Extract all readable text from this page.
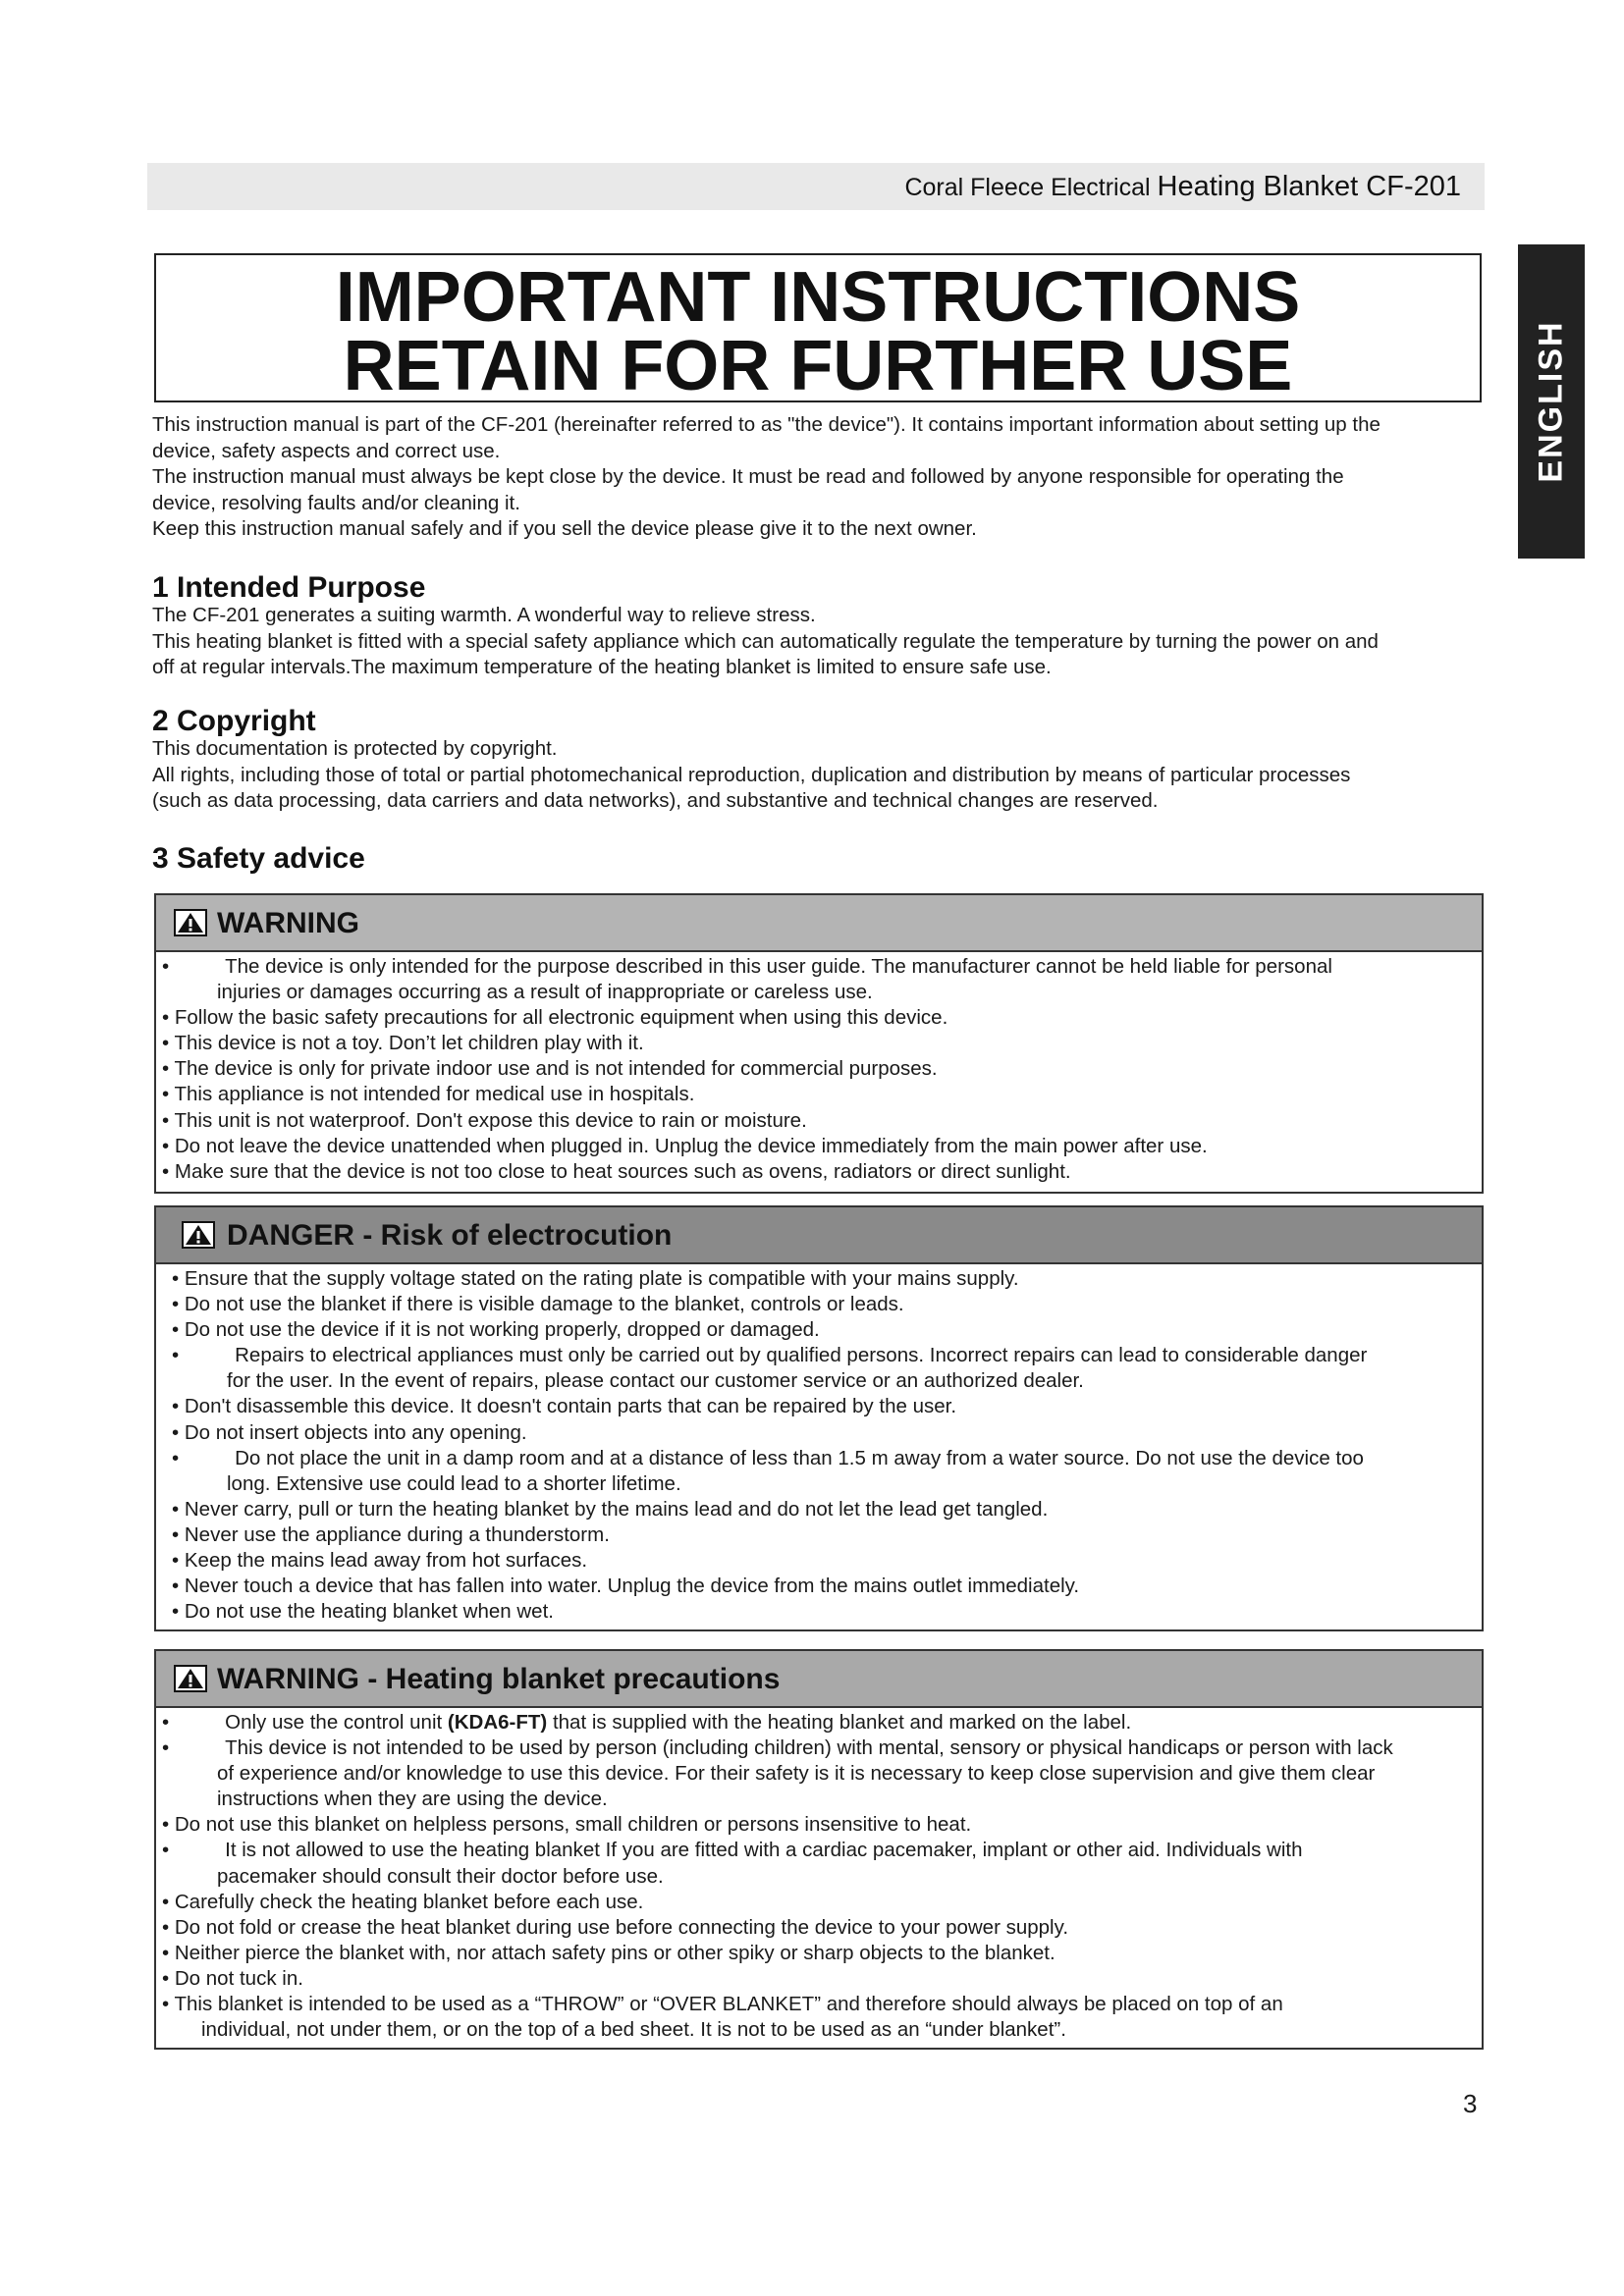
Coral Fleece Electrical Heating Blanket CF-201
ENGLISH
IMPORTANT INSTRUCTIONS
RETAIN FOR FURTHER USE

This instruction manual is part of the CF-201 (hereinafter referred to as "the device"). It contains important information about setting up the

device, safety aspects and correct use.

The instruction manual must always be kept close by the device. It must be read and followed by anyone responsible for operating the

device, resolving faults and/or cleaning it.

Keep this instruction manual safely and if you sell the device please give it to the next owner.

1 Intended Purpose

The CF-201 generates a suiting warmth. A wonderful way to relieve stress.

This heating blanket is fitted with a special safety appliance which can automatically regulate the temperature by turning the power on and

off at regular intervals.The maximum temperature of the heating blanket is limited to ensure safe use.

2 Copyright

This documentation is protected by copyright.

All rights, including those of total or partial photomechanical reproduction, duplication and distribution by means of particular processes

(such as data processing, data carriers and data networks), and substantive and technical changes are reserved.

3 Safety advice
WARNING
•          The device is only intended for the purpose described in this user guide. The manufacturer cannot be held liable for personal
injuries or damages occurring as a result of inappropriate or careless use.
• Follow the basic safety precautions for all electronic equipment when using this device.
• This device is not a toy. Don’t let children play with it.
• The device is only for private indoor use and is not intended for commercial purposes.
• This appliance is not intended for medical use in hospitals.
• This unit is not waterproof. Don't expose this device to rain or moisture.
• Do not leave the device unattended when plugged in. Unplug the device immediately from the main power after use.
• Make sure that the device is not too close to heat sources such as ovens, radiators or direct sunlight.
DANGER - Risk of electrocution
• Ensure that the supply voltage stated on the rating plate is compatible with your mains supply.
• Do not use the blanket if there is visible damage to the blanket, controls or leads.
• Do not use the device if it is not working properly, dropped or damaged.
•          Repairs to electrical appliances must only be carried out by qualified persons. Incorrect repairs can lead to considerable danger
for the user. In the event of repairs, please contact our customer service or an authorized dealer.
• Don't disassemble this device. It doesn't contain parts that can be repaired by the user.
• Do not insert objects into any opening.
•          Do not place the unit in a damp room and at a distance of less than 1.5 m away from a water source. Do not use the device too
long. Extensive use could lead to a shorter lifetime.
• Never carry, pull or turn the heating blanket by the mains lead and do not let the lead get tangled.
• Never use the appliance during a thunderstorm.
• Keep the mains lead away from hot surfaces.
• Never touch a device that has fallen into water. Unplug the device from the mains outlet immediately.
• Do not use the heating blanket when wet.
WARNING - Heating blanket precautions
•          Only use the control unit (KDA6-FT) that is supplied with the heating blanket and marked on the label.
•          This device is not intended to be used by person (including children) with mental, sensory or physical handicaps or person with lack
of experience and/or knowledge to use this device. For their safety is it is necessary to keep close supervision and give them clear
instructions when they are using the device.
• Do not use this blanket on helpless persons, small children or persons insensitive to heat.
•          It is not allowed to use the heating blanket If you are fitted with a cardiac pacemaker, implant or other aid. Individuals with
pacemaker should consult their doctor before use.
• Carefully check the heating blanket before each use.
• Do not fold or crease the heat blanket during use before connecting the device to your power supply.
• Neither pierce the blanket with, nor attach safety pins or other spiky or sharp objects to the blanket.
• Do not tuck in.
• This blanket is intended to be used as a “THROW” or “OVER BLANKET” and therefore should always be placed on top of an
individual, not under them, or on the top of a bed sheet. It is not to be used as an “under blanket”.
3
